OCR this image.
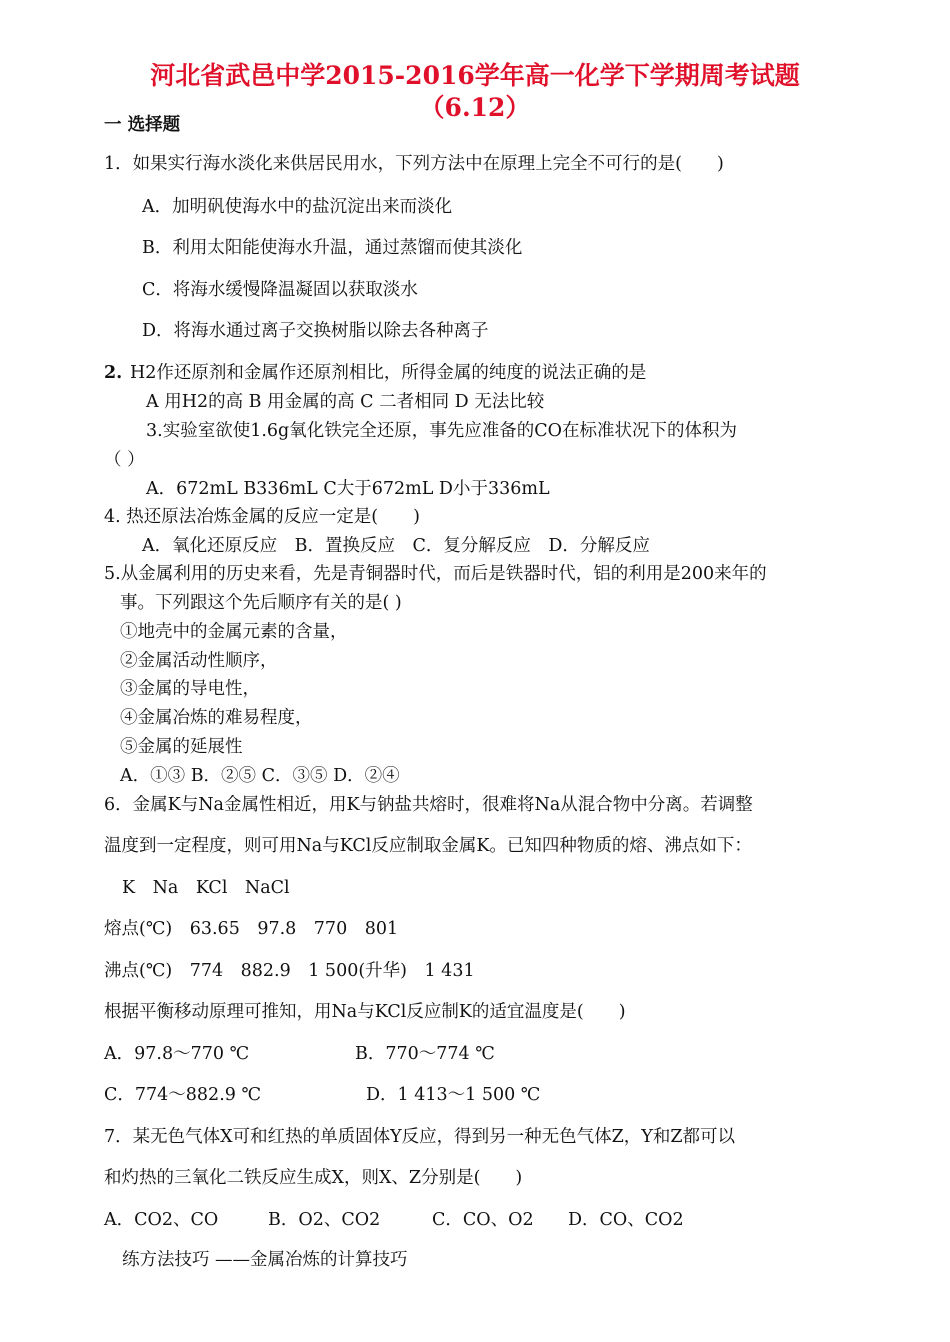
河北省武邑中学2015-2016学年高一化学下学期周考试题
（6.12）
一 选择题
1．如果实行海水淡化来供居民用水，下列方法中在原理上完全不可行的是(　　)
A．加明矾使海水中的盐沉淀出来而淡化
B．利用太阳能使海水升温，通过蒸馏而使其淡化
C．将海水缓慢降温凝固以获取淡水
D．将海水通过离子交换树脂以除去各种离子
2. H2作还原剂和金属作还原剂相比，所得金属的纯度的说法正确的是
A 用H2的高 B 用金属的高 C 二者相同 D 无法比较
3.实验室欲使1.6g氧化铁完全还原，事先应准备的CO在标准状况下的体积为
（ ）
A．672mL B336mL C大于672mL D小于336mL
4. 热还原法冶炼金属的反应一定是(　　)
A．氧化还原反应　B．置换反应　C．复分解反应　D．分解反应
5.从金属利用的历史来看，先是青铜器时代，而后是铁器时代，铝的利用是200来年的
事。下列跟这个先后顺序有关的是( )
①地壳中的金属元素的含量，
②金属活动性顺序，
③金属的导电性，
④金属冶炼的难易程度，
⑤金属的延展性
A．①③ B．②⑤ C．③⑤ D．②④
6．金属K与Na金属性相近，用K与钠盐共熔时，很难将Na从混合物中分离。若调整
温度到一定程度，则可用Na与KCl反应制取金属K。已知四种物质的熔、沸点如下：
K　Na　KCl　NaCl
熔点(℃)　63.65　97.8　770　801
沸点(℃)　774　882.9　1 500(升华)　1 431
根据平衡移动原理可推知，用Na与KCl反应制K的适宜温度是(　　)
A．97.8～770 ℃	B．770～774 ℃
C．774～882.9 ℃	D．1 413～1 500 ℃
7．某无色气体X可和红热的单质固体Y反应，得到另一种无色气体Z，Y和Z都可以
和灼热的三氧化二铁反应生成X，则X、Z分别是(　　)
A．CO2、CO	B．O2、CO2	C．CO、O2 D．CO、CO2
练方法技巧 ——金属冶炼的计算技巧
